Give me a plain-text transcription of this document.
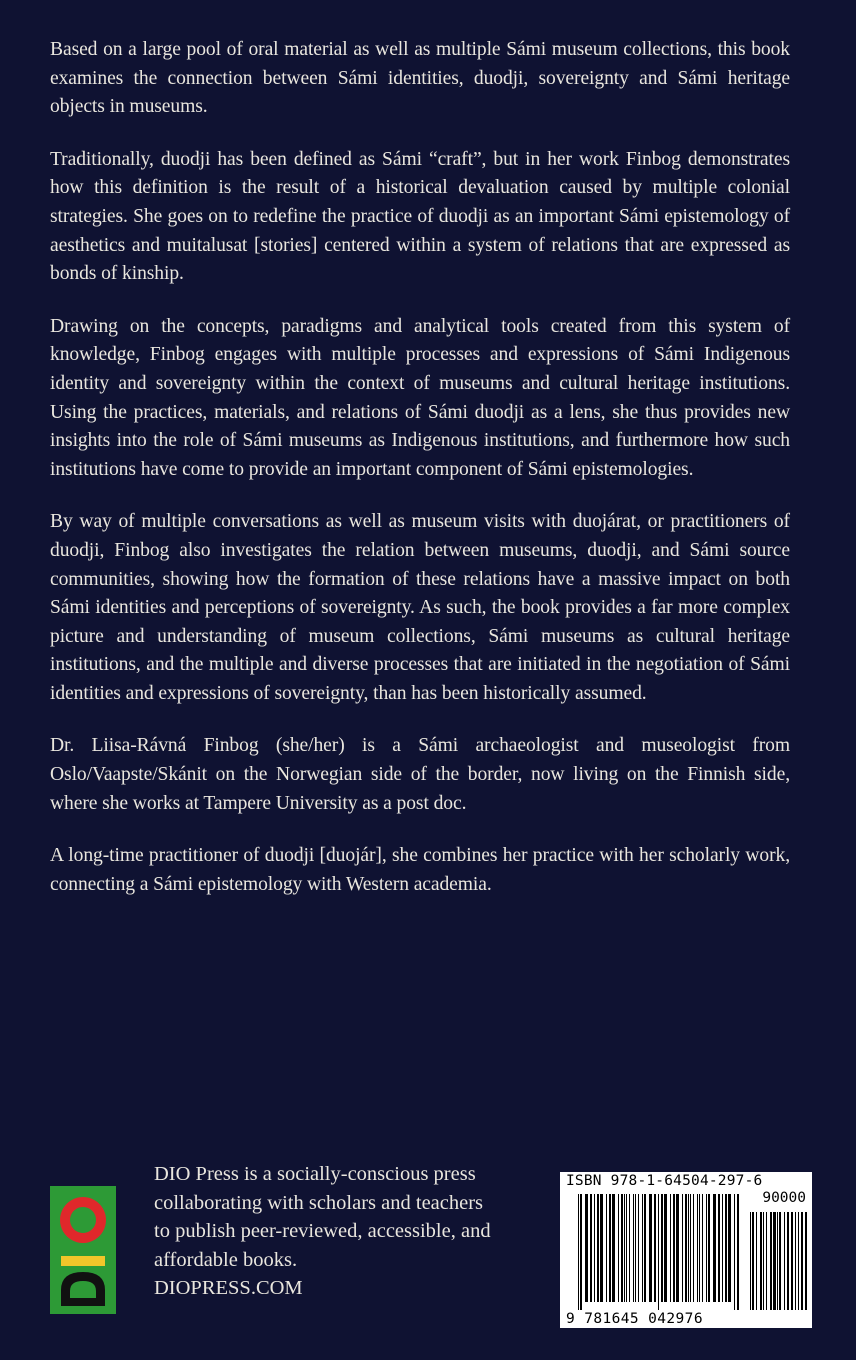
Based on a large pool of oral material as well as multiple Sámi museum collections, this book examines the connection between Sámi identities, duodji, sovereignty and Sámi heritage objects in museums.

Traditionally, duodji has been defined as Sámi “craft”, but in her work Finbog demonstrates how this definition is the result of a historical devaluation caused by multiple colonial strategies. She goes on to redefine the practice of duodji as an important Sámi epistemology of aesthetics and muitalusat [stories] centered within a system of relations that are expressed as bonds of kinship.

Drawing on the concepts, paradigms and analytical tools created from this system of knowledge, Finbog engages with multiple processes and expressions of Sámi Indigenous identity and sovereignty within the context of museums and cultural heritage institutions. Using the practices, materials, and relations of Sámi duodji as a lens, she thus provides new insights into the role of Sámi museums as Indigenous institutions, and furthermore how such institutions have come to provide an important component of Sámi epistemologies.

By way of multiple conversations as well as museum visits with duojárat, or practitioners of duodji, Finbog also investigates the relation between museums, duodji, and Sámi source communities, showing how the formation of these relations have a massive impact on both Sámi identities and perceptions of sovereignty. As such, the book provides a far more complex picture and understanding of museum collections, Sámi museums as cultural heritage institutions, and the multiple and diverse processes that are initiated in the negotiation of Sámi identities and expressions of sovereignty, than has been historically assumed.

Dr. Liisa-Rávná Finbog (she/her) is a Sámi archaeologist and museologist from Oslo/Vaapste/Skánit on the Norwegian side of the border, now living on the Finnish side, where she works at Tampere University as a post doc.

A long-time practitioner of duodji [duojár], she combines her practice with her scholarly work, connecting a Sámi epistemology with Western academia.

DIO Press is a socially-conscious press
collaborating with scholars and teachers
to publish peer-reviewed, accessible, and
affordable books.
DIOPRESS.COM
ISBN 978-1-64504-297-6
90000
9 781645 042976
